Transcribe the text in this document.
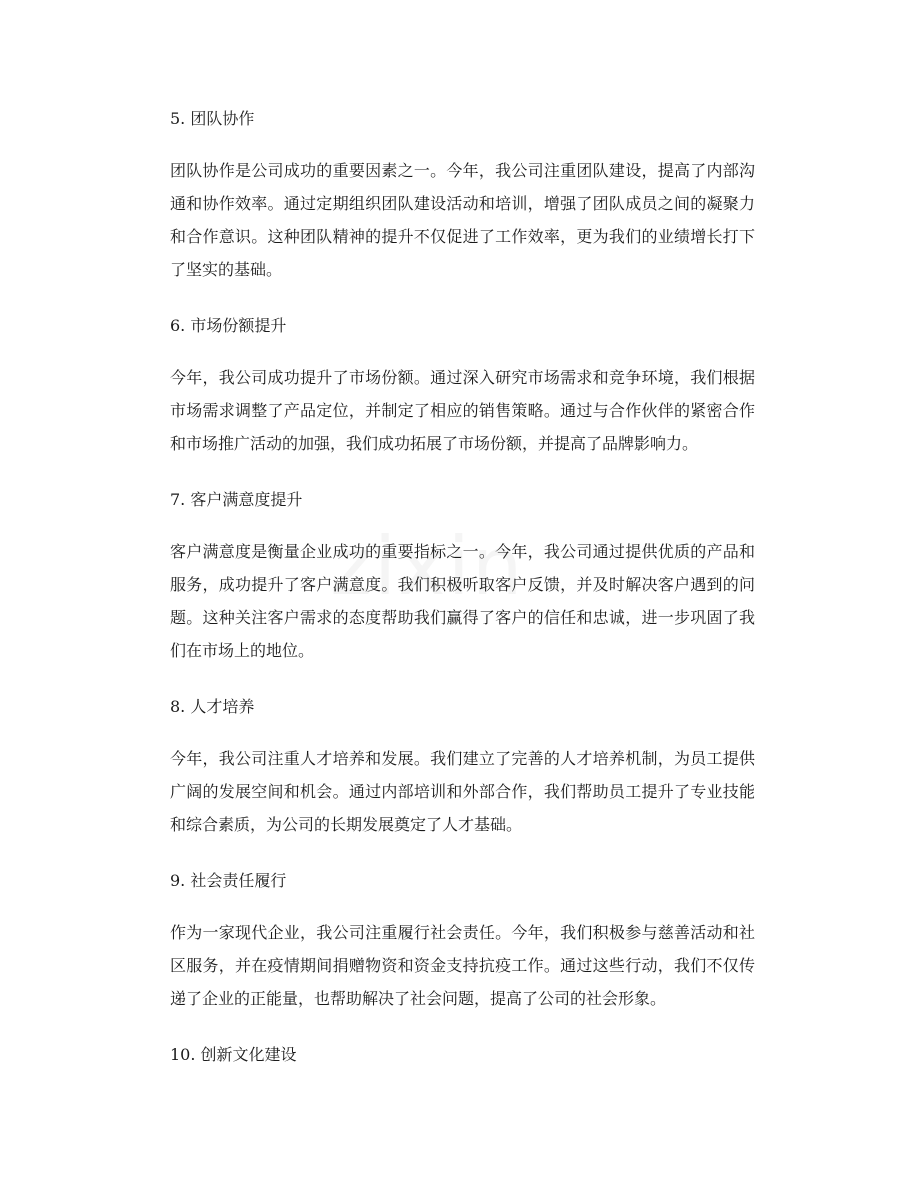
5. 团队协作

团队协作是公司成功的重要因素之一。今年，我公司注重团队建设，提高了内部沟通和协作效率。通过定期组织团队建设活动和培训，增强了团队成员之间的凝聚力和合作意识。这种团队精神的提升不仅促进了工作效率，更为我们的业绩增长打下了坚实的基础。

6. 市场份额提升

今年，我公司成功提升了市场份额。通过深入研究市场需求和竞争环境，我们根据市场需求调整了产品定位，并制定了相应的销售策略。通过与合作伙伴的紧密合作和市场推广活动的加强，我们成功拓展了市场份额，并提高了品牌影响力。

7. 客户满意度提升

客户满意度是衡量企业成功的重要指标之一。今年，我公司通过提供优质的产品和服务，成功提升了客户满意度。我们积极听取客户反馈，并及时解决客户遇到的问题。这种关注客户需求的态度帮助我们赢得了客户的信任和忠诚，进一步巩固了我们在市场上的地位。

8. 人才培养

今年，我公司注重人才培养和发展。我们建立了完善的人才培养机制，为员工提供广阔的发展空间和机会。通过内部培训和外部合作，我们帮助员工提升了专业技能和综合素质，为公司的长期发展奠定了人才基础。

9. 社会责任履行

作为一家现代企业，我公司注重履行社会责任。今年，我们积极参与慈善活动和社区服务，并在疫情期间捐赠物资和资金支持抗疫工作。通过这些行动，我们不仅传递了企业的正能量，也帮助解决了社会问题，提高了公司的社会形象。

10. 创新文化建设
